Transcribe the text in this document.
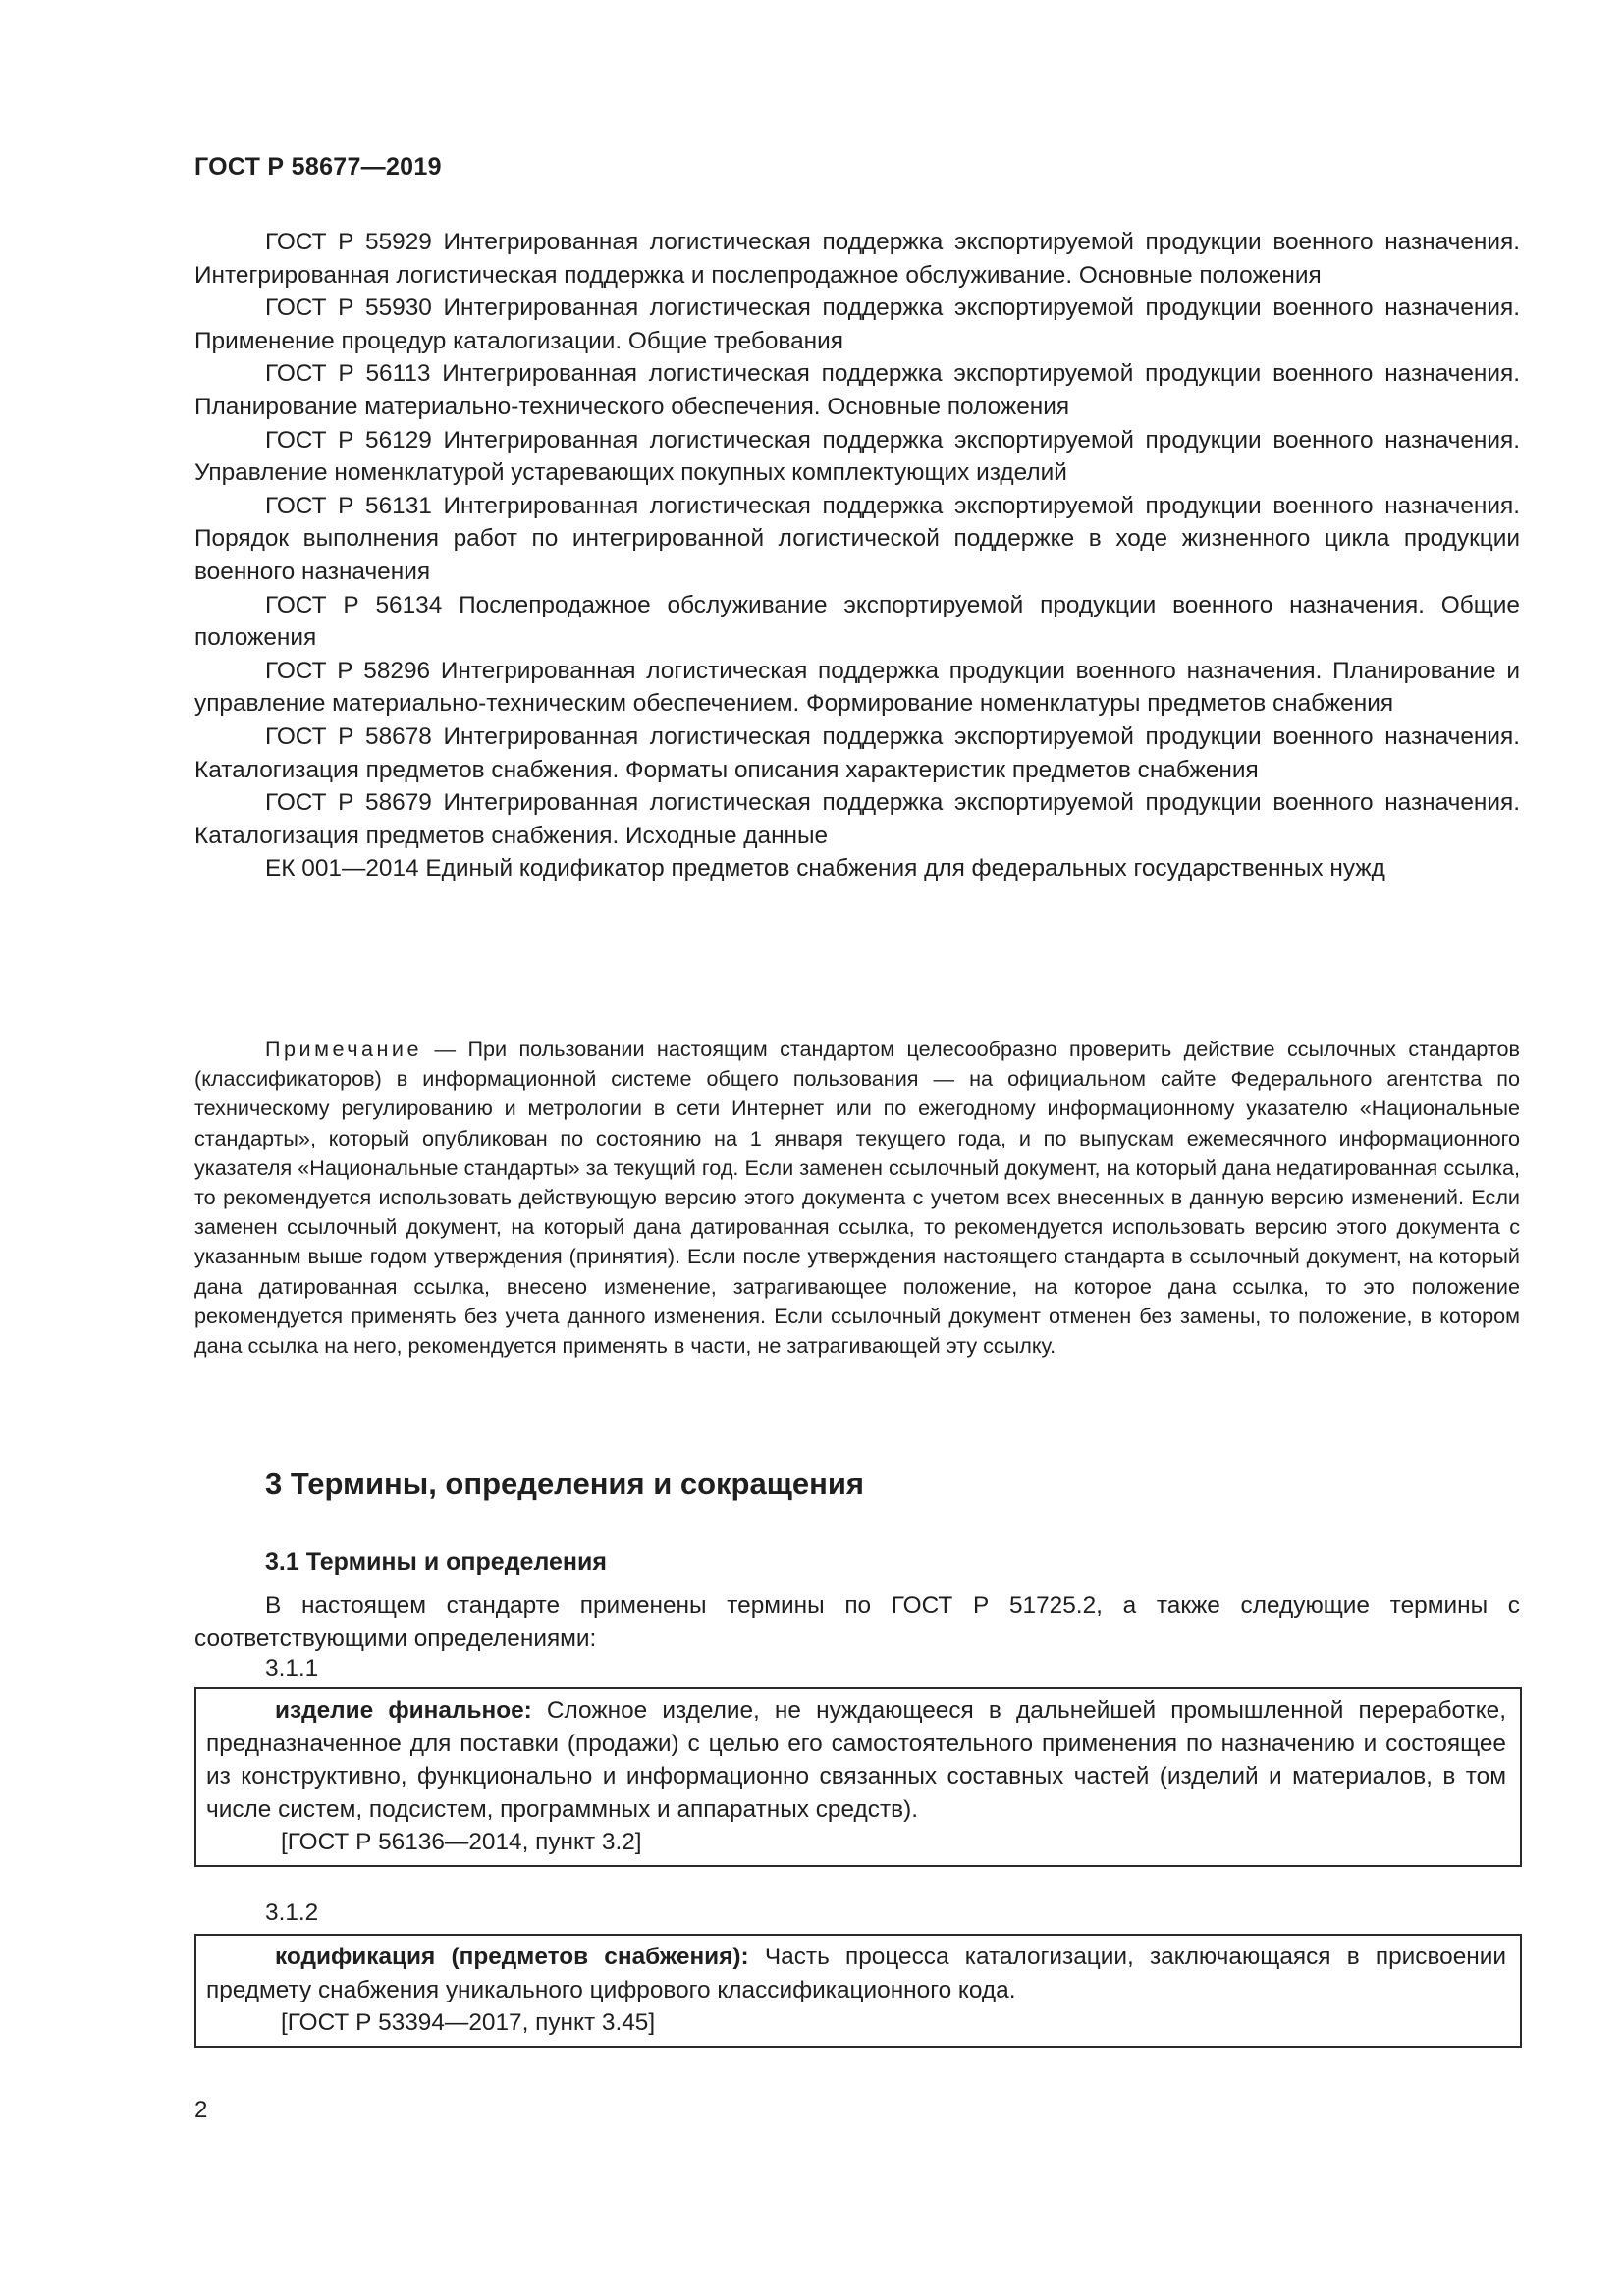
ГОСТ Р 58677—2019

ГОСТ Р 55929 Интегрированная логистическая поддержка экспортируемой продукции военного назначения. Интегрированная логистическая поддержка и послепродажное обслуживание. Основные положения

ГОСТ Р 55930 Интегрированная логистическая поддержка экспортируемой продукции военного назначения. Применение процедур каталогизации. Общие требования

ГОСТ Р 56113 Интегрированная логистическая поддержка экспортируемой продукции военного назначения. Планирование материально-технического обеспечения. Основные положения

ГОСТ Р 56129 Интегрированная логистическая поддержка экспортируемой продукции военного назначения. Управление номенклатурой устаревающих покупных комплектующих изделий

ГОСТ Р 56131 Интегрированная логистическая поддержка экспортируемой продукции военного назначения. Порядок выполнения работ по интегрированной логистической поддержке в ходе жизненного цикла продукции военного назначения

ГОСТ Р 56134 Послепродажное обслуживание экспортируемой продукции военного назначения. Общие положения

ГОСТ Р 58296 Интегрированная логистическая поддержка продукции военного назначения. Планирование и управление материально-техническим обеспечением. Формирование номенклатуры предметов снабжения

ГОСТ Р 58678 Интегрированная логистическая поддержка экспортируемой продукции военного назначения. Каталогизация предметов снабжения. Форматы описания характеристик предметов снабжения

ГОСТ Р 58679 Интегрированная логистическая поддержка экспортируемой продукции военного назначения. Каталогизация предметов снабжения. Исходные данные

ЕК 001—2014 Единый кодификатор предметов снабжения для федеральных государственных нужд

Примечание — При пользовании настоящим стандартом целесообразно проверить действие ссылочных стандартов (классификаторов) в информационной системе общего пользования — на официальном сайте Федерального агентства по техническому регулированию и метрологии в сети Интернет или по ежегодному информационному указателю «Национальные стандарты», который опубликован по состоянию на 1 января текущего года, и по выпускам ежемесячного информационного указателя «Национальные стандарты» за текущий год. Если заменен ссылочный документ, на который дана недатированная ссылка, то рекомендуется использовать действующую версию этого документа с учетом всех внесенных в данную версию изменений. Если заменен ссылочный документ, на который дана датированная ссылка, то рекомендуется использовать версию этого документа с указанным выше годом утверждения (принятия). Если после утверждения настоящего стандарта в ссылочный документ, на который дана датированная ссылка, внесено изменение, затрагивающее положение, на которое дана ссылка, то это положение рекомендуется применять без учета данного изменения. Если ссылочный документ отменен без замены, то положение, в котором дана ссылка на него, рекомендуется применять в части, не затрагивающей эту ссылку.
3 Термины, определения и сокращения
3.1 Термины и определения
В настоящем стандарте применены термины по ГОСТ Р 51725.2, а также следующие термины с соответствующими определениями:
3.1.1

изделие финальное: Сложное изделие, не нуждающееся в дальнейшей промышленной переработке, предназначенное для поставки (продажи) с целью его самостоятельного применения по назначению и состоящее из конструктивно, функционально и информационно связанных составных частей (изделий и материалов, в том числе систем, подсистем, программных и аппаратных средств).

[ГОСТ Р 56136—2014, пункт 3.2]

3.1.2

кодификация (предметов снабжения): Часть процесса каталогизации, заключающаяся в присвоении предмету снабжения уникального цифрового классификационного кода.

[ГОСТ Р 53394—2017, пункт 3.45]

2
